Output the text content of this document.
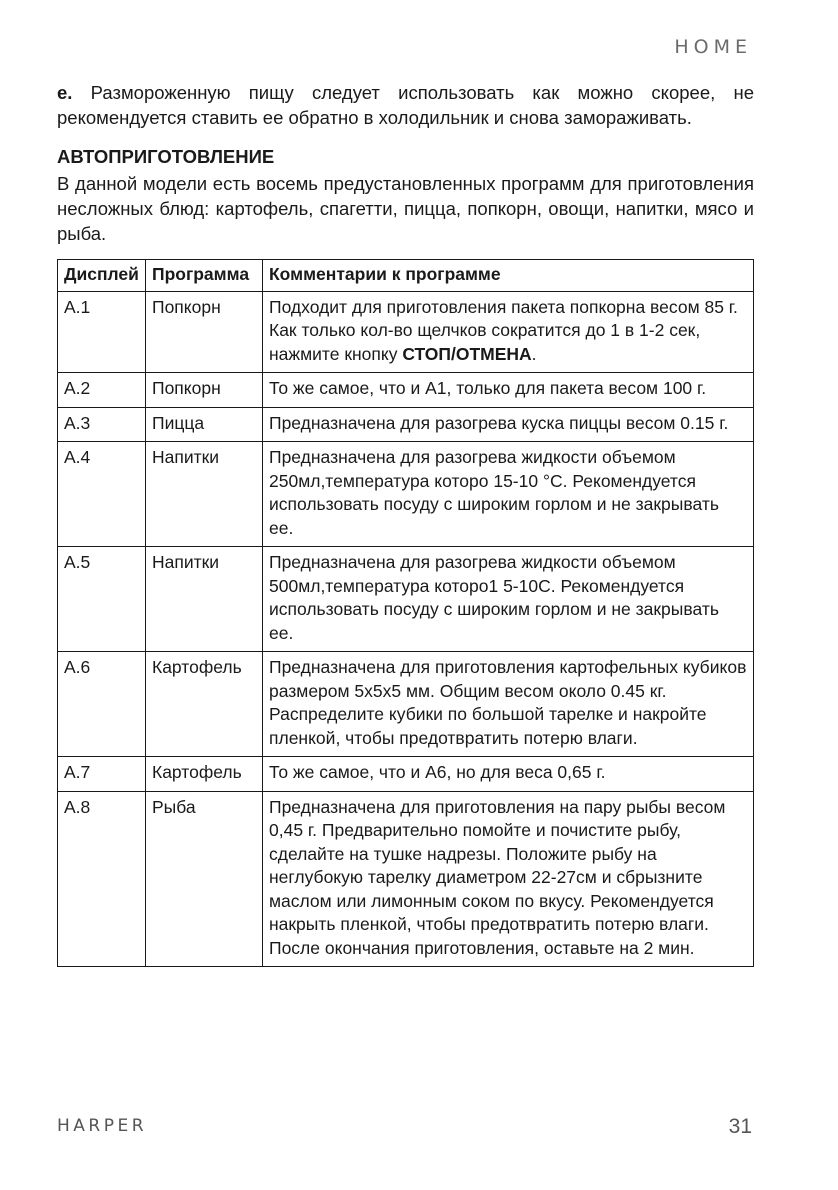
HOME

e. Размороженную пищу следует использовать как можно скорее, не рекомендуется ставить ее обратно в холодильник и снова замораживать.

АВТОПРИГОТОВЛЕНИЕ

В данной модели есть восемь предустановленных программ для приготовления несложных блюд: картофель, спагетти, пицца, попкорн, овощи, напитки, мясо и рыба.

Дисплей	Программа	Комментарии к программе
A.1	Попкорн	Подходит для приготовления пакета попкорна весом 85 г. Как только кол-во щелчков сократится до 1 в 1-2 сек, нажмите кнопку СТОП/ОТМЕНА.
A.2	Попкорн	То же самое, что и А1, только для пакета весом 100 г.
A.3	Пицца	Предназначена для разогрева куска пиццы весом 0.15 г.
A.4	Напитки	Предназначена для разогрева жидкости объемом 250мл,температура которо 15-10 °С. Рекомендуется использовать посуду с широким горлом и не закрывать ее.
A.5	Напитки	Предназначена для разогрева жидкости объемом 500мл,температура которо1 5-10С. Рекомендуется использовать посуду с широким горлом и не закрывать ее.
A.6	Картофель	Предназначена для приготовления картофельных кубиков размером 5х5х5 мм. Общим весом около 0.45 кг. Распределите кубики по большой тарелке и накройте пленкой, чтобы предотвратить потерю влаги.
A.7	Картофель	То же самое, что и А6, но для веса 0,65 г.
A.8	Рыба	Предназначена для приготовления на пару рыбы весом 0,45 г. Предварительно помойте и почистите рыбу, сделайте на тушке надрезы. Положите рыбу на неглубокую тарелку диаметром 22-27см и сбрызните маслом или лимонным соком по вкусу. Рекомендуется накрыть пленкой, чтобы предотвратить потерю влаги. После окончания приготовления, оставьте на 2 мин.
HARPER	31
